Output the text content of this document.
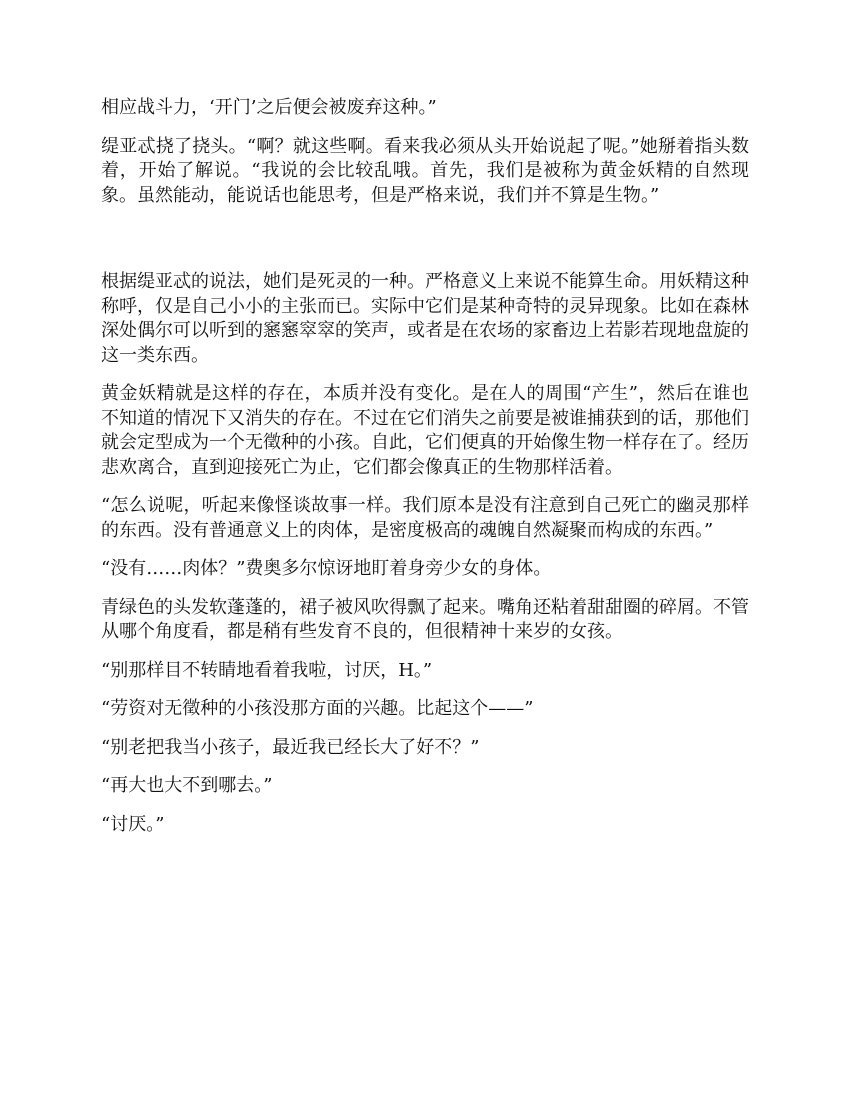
相应战斗力，‘开门’之后便会被废弃这种。”

缇亚忒挠了挠头。“啊？就这些啊。看来我必须从头开始说起了呢。”她掰着指头数着，开始了解说。“我说的会比较乱哦。首先，我们是被称为黄金妖精的自然现象。虽然能动，能说话也能思考，但是严格来说，我们并不算是生物。”

根据缇亚忒的说法，她们是死灵的一种。严格意义上来说不能算生命。用妖精这种称呼，仅是自己小小的主张而已。实际中它们是某种奇特的灵异现象。比如在森林深处偶尔可以听到的窸窸窣窣的笑声，或者是在农场的家畜边上若影若现地盘旋的这一类东西。

黄金妖精就是这样的存在，本质并没有变化。是在人的周围“产生”，然后在谁也不知道的情况下又消失的存在。不过在它们消失之前要是被谁捕获到的话，那他们就会定型成为一个无徵种的小孩。自此，它们便真的开始像生物一样存在了。经历悲欢离合，直到迎接死亡为止，它们都会像真正的生物那样活着。

“怎么说呢，听起来像怪谈故事一样。我们原本是没有注意到自己死亡的幽灵那样的东西。没有普通意义上的肉体，是密度极高的魂魄自然凝聚而构成的东西。”

“没有……肉体？”费奥多尔惊讶地盯着身旁少女的身体。

青绿色的头发软蓬蓬的，裙子被风吹得飘了起来。嘴角还粘着甜甜圈的碎屑。不管从哪个角度看，都是稍有些发育不良的，但很精神十来岁的女孩。

“别那样目不转睛地看着我啦，讨厌，H。”

“劳资对无徵种的小孩没那方面的兴趣。比起这个——”

“别老把我当小孩子，最近我已经长大了好不？”

“再大也大不到哪去。”

“讨厌。”
